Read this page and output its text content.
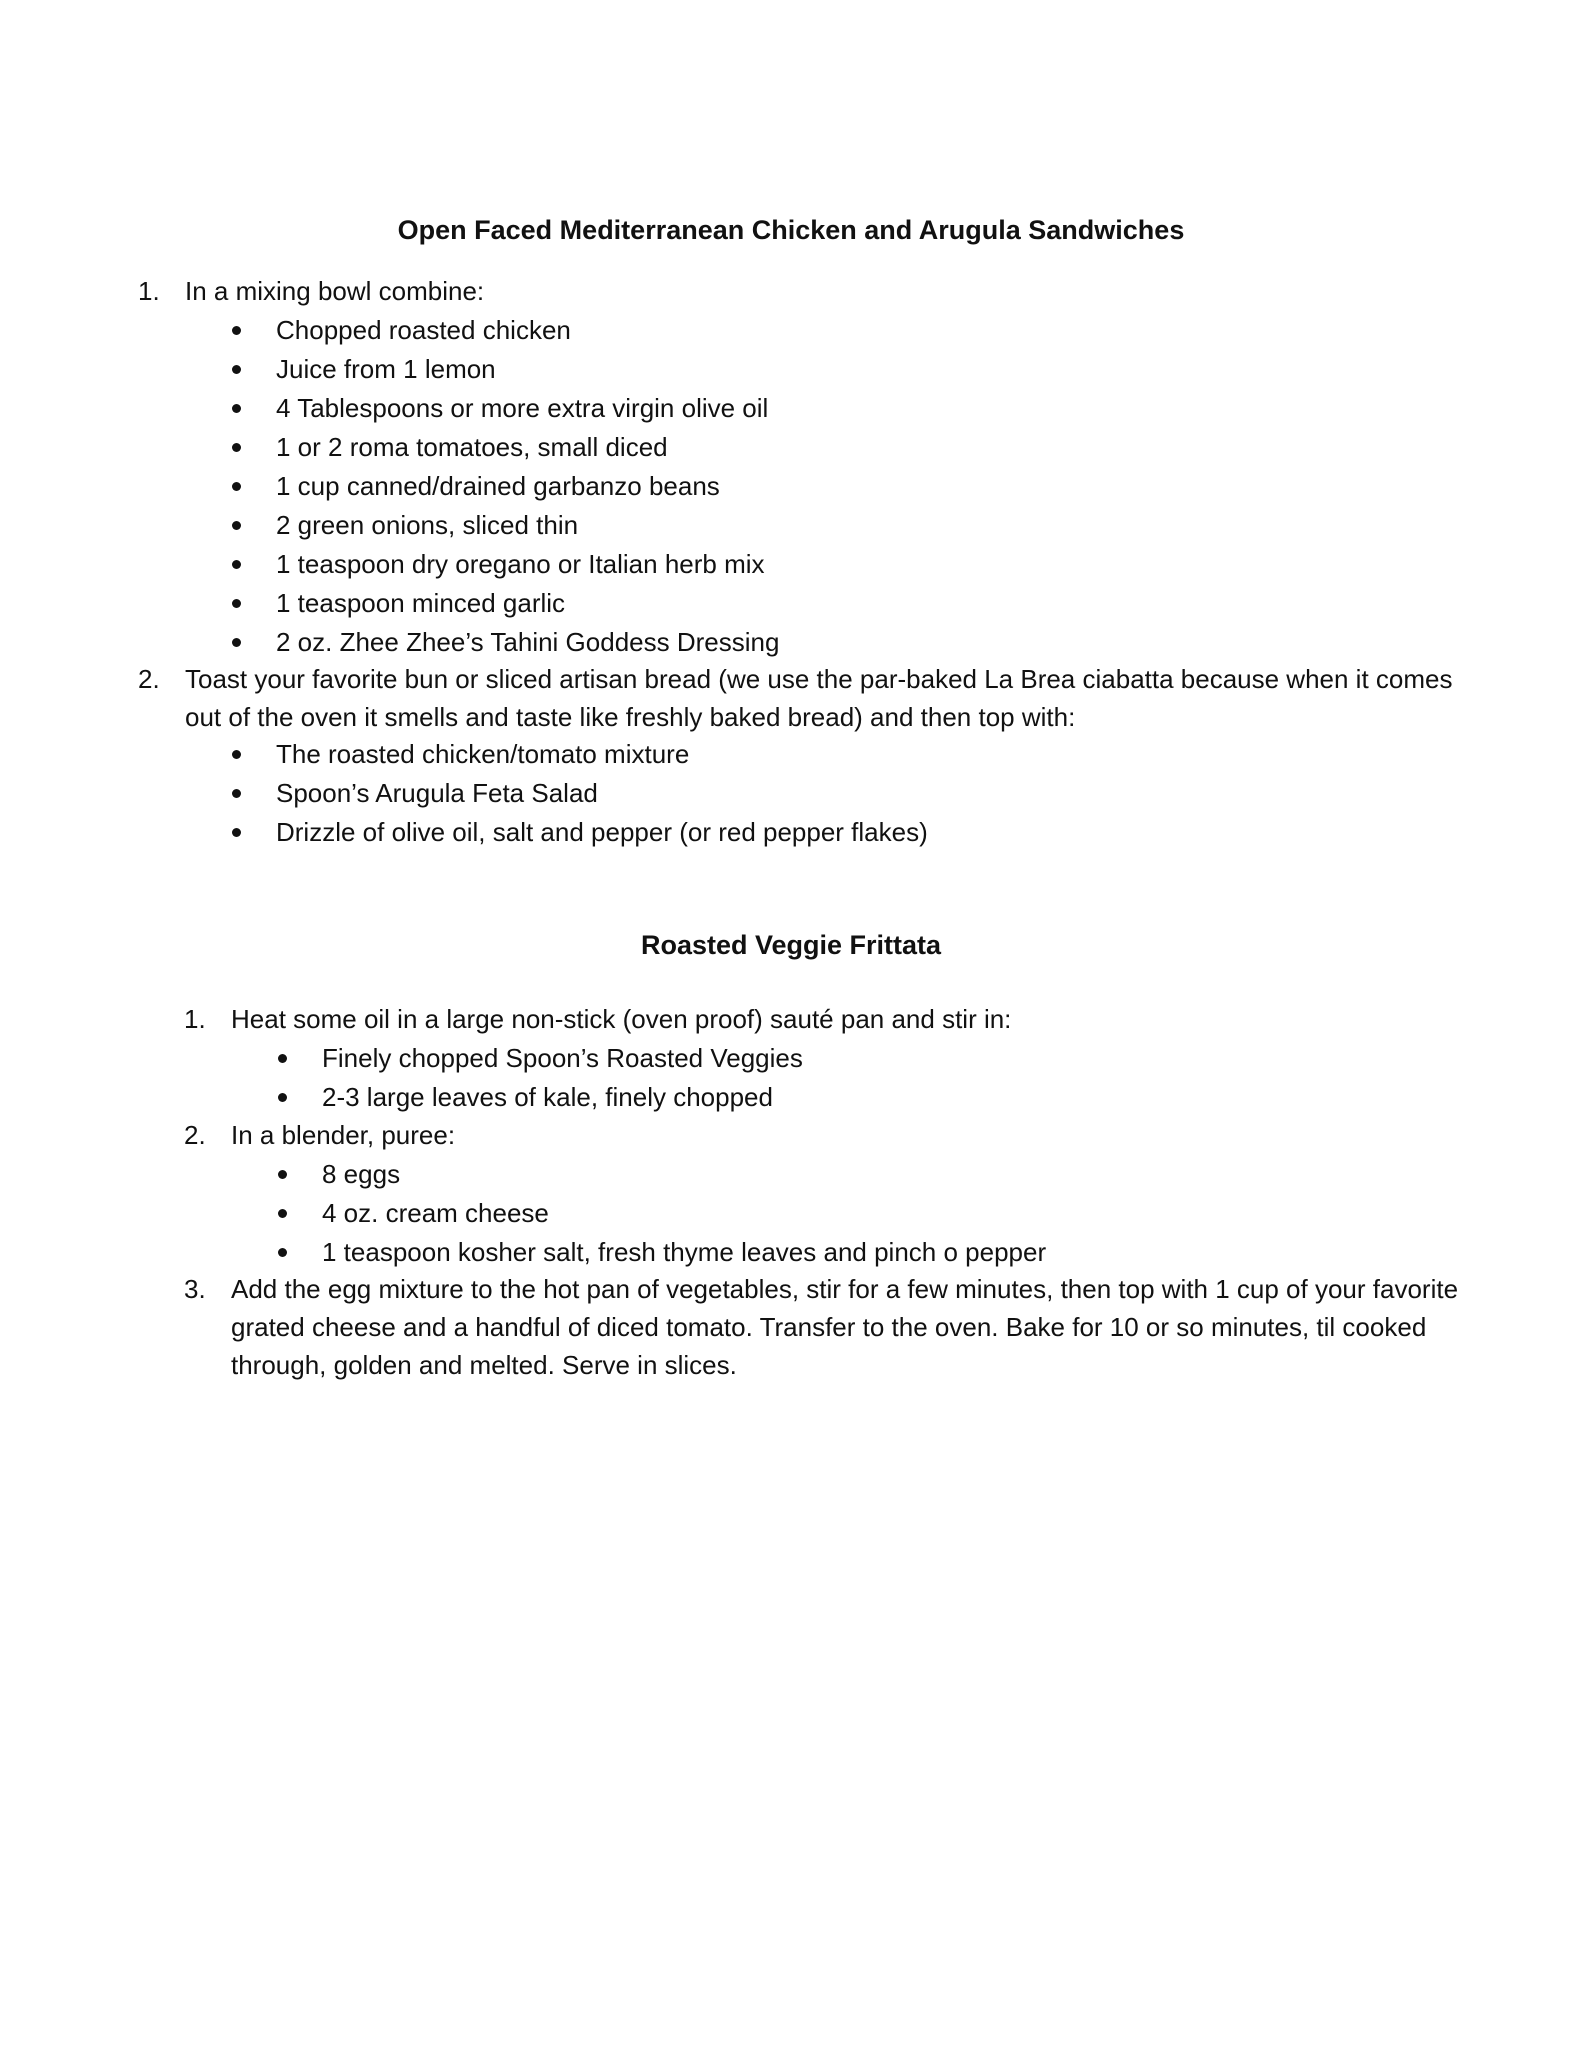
Open Faced Mediterranean Chicken and Arugula Sandwiches
1. In a mixing bowl combine:
Chopped roasted chicken
Juice from 1 lemon
4 Tablespoons or more extra virgin olive oil
1 or 2 roma tomatoes, small diced
1 cup canned/drained garbanzo beans
2 green onions, sliced thin
1 teaspoon dry oregano or Italian herb mix
1 teaspoon minced garlic
2 oz. Zhee Zhee’s Tahini Goddess Dressing
2. Toast your favorite bun or sliced artisan bread (we use the par-baked La Brea ciabatta because when it comes out of the oven it smells and taste like freshly baked bread) and then top with:
The roasted chicken/tomato mixture
Spoon’s Arugula Feta Salad
Drizzle of olive oil, salt and pepper (or red pepper flakes)
Roasted Veggie Frittata
1. Heat some oil in a large non-stick (oven proof) sauté pan and stir in:
Finely chopped Spoon’s Roasted Veggies
2-3 large leaves of kale, finely chopped
2. In a blender, puree:
8 eggs
4 oz. cream cheese
1 teaspoon kosher salt, fresh thyme leaves and pinch o pepper
3. Add the egg mixture to the hot pan of vegetables, stir for a few minutes, then top with 1 cup of your favorite grated cheese and a handful of diced tomato. Transfer to the oven. Bake for 10 or so minutes, til cooked through, golden and melted. Serve in slices.
